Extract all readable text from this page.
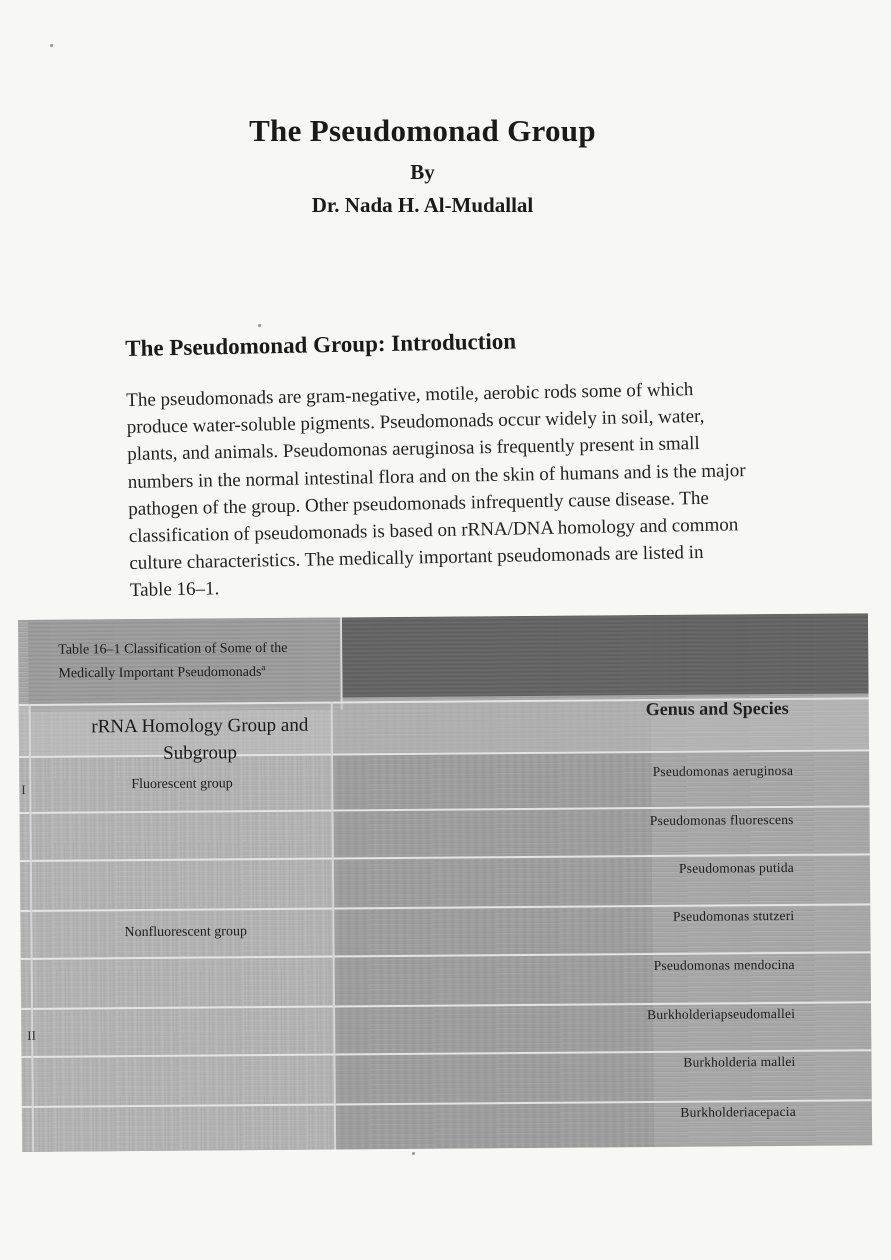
The Pseudomonad Group
By
Dr. Nada H. Al-Mudallal
The Pseudomonad Group: Introduction

The pseudomonads are gram-negative, motile, aerobic rods some of which produce water-soluble pigments. Pseudomonads occur widely in soil, water, plants, and animals. Pseudomonas aeruginosa is frequently present in small numbers in the normal intestinal flora and on the skin of humans and is the major pathogen of the group. Other pseudomonads infrequently cause disease. The classification of pseudomonads is based on rRNA/DNA homology and common culture characteristics. The medically important pseudomonads are listed in Table 16–1.

Table 16–1 Classification of Some of the Medically Important Pseudomonads$^a$
rRNA Homology Group and Subgroup
Genus and Species
I
II
Fluorescent group
Nonfluorescent group
Pseudomonas aeruginosa
Pseudomonas fluorescens
Pseudomonas putida
Pseudomonas stutzeri
Pseudomonas mendocina
Burkholderiapseudomallei
Burkholderia mallei
Burkholderiacepacia
